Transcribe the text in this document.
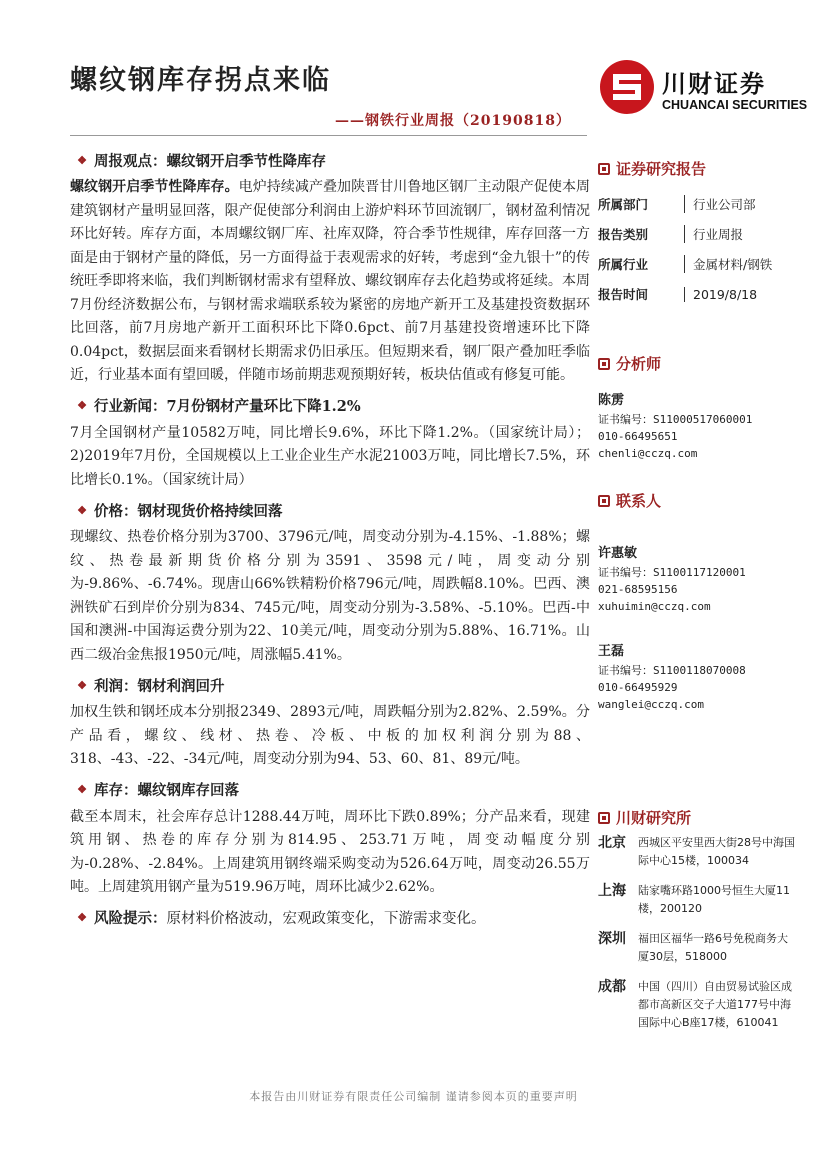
螺纹钢库存拐点来临
——钢铁行业周报（20190818）
川财证券
CHUANCAI SECURITIES
❖ 周报观点：螺纹钢开启季节性降库存

螺纹钢开启季节性降库存。电炉持续减产叠加陕晋甘川鲁地区钢厂主动限产促使本周建筑钢材产量明显回落，限产促使部分利润由上游炉料环节回流钢厂，钢材盈利情况环比好转。库存方面，本周螺纹钢厂库、社库双降，符合季节性规律，库存回落一方面是由于钢材产量的降低，另一方面得益于表观需求的好转，考虑到“金九银十”的传统旺季即将来临，我们判断钢材需求有望释放、螺纹钢库存去化趋势或将延续。本周7月份经济数据公布，与钢材需求端联系较为紧密的房地产新开工及基建投资数据环比回落，前7月房地产新开工面积环比下降0.6pct、前7月基建投资增速环比下降0.04pct，数据层面来看钢材长期需求仍旧承压。但短期来看，钢厂限产叠加旺季临近，行业基本面有望回暖，伴随市场前期悲观预期好转，板块估值或有修复可能。

❖ 行业新闻：7月份钢材产量环比下降1.2%

7月全国钢材产量10582万吨，同比增长9.6%，环比下降1.2%。（国家统计局）；2)2019年7月份，全国规模以上工业企业生产水泥21003万吨，同比增长7.5%，环比增长0.1%。（国家统计局）

❖ 价格：钢材现货价格持续回落

现螺纹、热卷价格分别为3700、3796元/吨，周变动分别为-4.15%、-1.88%；螺纹、热卷最新期货价格分别为3591、3598元/吨，周变动分别为-9.86%、-6.74%。现唐山66%铁精粉价格796元/吨，周跌幅8.10%。巴西、澳洲铁矿石到岸价分别为834、745元/吨，周变动分别为-3.58%、-5.10%。巴西-中国和澳洲-中国海运费分别为22、10美元/吨，周变动分别为5.88%、16.71%。山西二级冶金焦报1950元/吨，周涨幅5.41%。

❖ 利润：钢材利润回升

加权生铁和钢坯成本分别报2349、2893元/吨，周跌幅分别为2.82%、2.59%。分产品看，螺纹、线材、热卷、冷板、中板的加权利润分别为88、318、-43、-22、-34元/吨，周变动分别为94、53、60、81、89元/吨。

❖ 库存：螺纹钢库存回落

截至本周末，社会库存总计1288.44万吨，周环比下跌0.89%；分产品来看，现建筑用钢、热卷的库存分别为814.95、253.71万吨，周变动幅度分别为-0.28%、-2.84%。上周建筑用钢终端采购变动为526.64万吨，周变动26.55万吨。上周建筑用钢产量为519.96万吨，周环比减少2.62%。

❖ 风险提示： 原材料价格波动，宏观政策变化，下游需求变化。
证券研究报告
所属部门	行业公司部
报告类别	行业周报
所属行业	金属材料/钢铁
报告时间	2019/8/18
分析师
陈雳
证书编号：S1100051706000​1
010-66495651
chenli@cczq.com
联系人
许惠敏
证书编号：S1100117120001
021-68595156
xuhuimin@cczq.com
王磊
证书编号：S1100118070008
010-66495929
wanglei@cczq.com
川财研究所
北京	西城区平安里西大街28号中海国际中心15楼，100034
上海	陆家嘴环路1000号恒生大厦11楼，200120
深圳	福田区福华一路6号免税商务大厦30层，518000
成都	中国（四川）自由贸易试验区成都市高新区交子大道177号中海国际中心B座17楼，610041
本报告由川财证券有限责任公司编制 谨请参阅本页的重要声明
